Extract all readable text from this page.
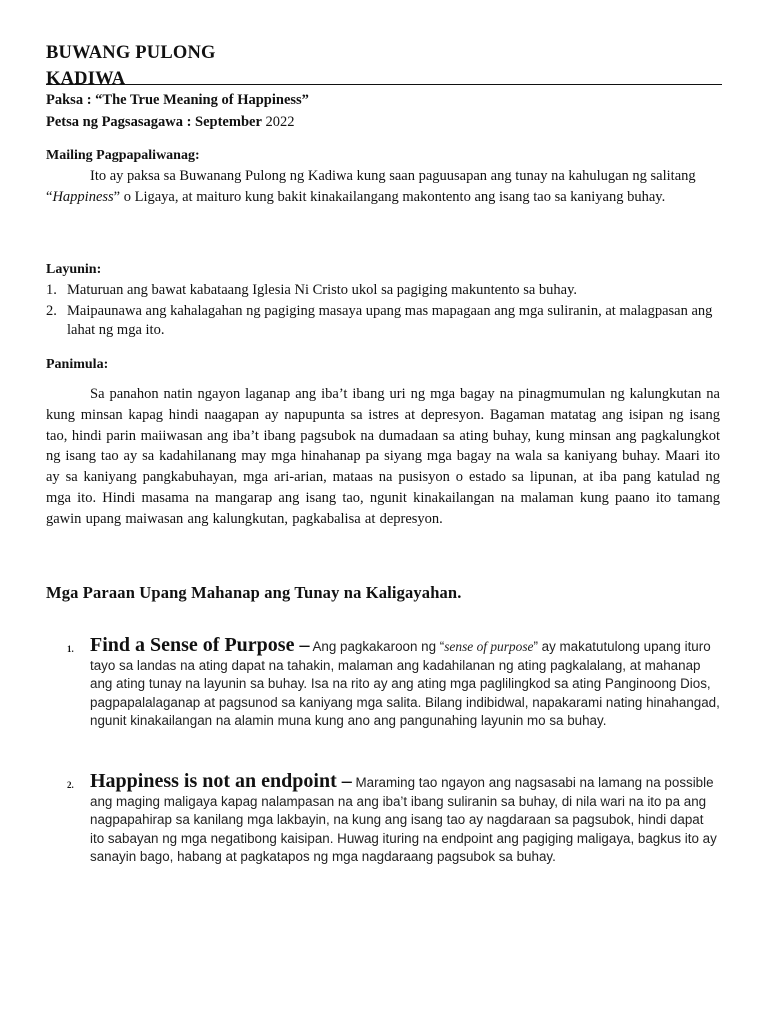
BUWANG PULONG
KADIWA
Paksa : “The True Meaning of Happiness”
Petsa ng Pagsasagawa : September 2022
Mailing Pagpapaliwanag:

Ito ay paksa sa Buwanang Pulong ng Kadiwa kung saan paguusapan ang tunay na kahulugan ng salitang “Happiness” o Ligaya, at maituro kung bakit kinakailangang makontento ang isang tao sa kaniyang buhay.

Layunin:
1. Maturuan ang bawat kabataang Iglesia Ni Cristo ukol sa pagiging makuntento sa buhay.
2. Maipaunawa ang kahalagahan ng pagiging masaya upang mas mapagaan ang mga suliranin, at malagpasan ang lahat ng mga ito.
Panimula:

Sa panahon natin ngayon laganap ang iba’t ibang uri ng mga bagay na pinagmumulan ng kalungkutan na kung minsan kapag hindi naagapan ay napupunta sa istres at depresyon. Bagaman matatag ang isipan ng isang tao, hindi parin maiiwasan ang iba’t ibang pagsubok na dumadaan sa ating buhay, kung minsan ang pagkalungkot ng isang tao ay sa kadahilanang may mga hinahanap pa siyang mga bagay na wala sa kaniyang buhay. Maari ito ay sa kaniyang pangkabuhayan, mga ari-arian, mataas na pusisyon o estado sa lipunan, at iba pang katulad ng mga ito. Hindi masama na mangarap ang isang tao, ngunit kinakailangan na malaman kung paano ito tamang gawin upang maiwasan ang kalungkutan, pagkabalisa at depresyon.

Mga Paraan Upang Mahanap ang Tunay na Kaligayahan.
1. Find a Sense of Purpose – Ang pagkakaroon ng “sense of purpose” ay makatutulong upang ituro tayo sa landas na ating dapat na tahakin, malaman ang kadahilanan ng ating pagkalalang, at mahanap ang ating tunay na layunin sa buhay. Isa na rito ay ang ating mga paglilingkod sa ating Panginoong Dios, pagpapalalaganap at pagsunod sa kaniyang mga salita. Bilang indibidwal, napakarami nating hinahangad, ngunit kinakailangan na alamin muna kung ano ang pangunahing layunin mo sa buhay.
2. Happiness is not an endpoint – Maraming tao ngayon ang nagsasabi na lamang na possible ang maging maligaya kapag nalampasan na ang iba’t ibang suliranin sa buhay, di nila wari na ito pa ang nagpapahirap sa kanilang mga lakbayin, na kung ang isang tao ay nagdaraan sa pagsubok, hindi dapat ito sabayan ng mga negatibong kaisipan. Huwag ituring na endpoint ang pagiging maligaya, bagkus ito ay sanayin bago, habang at pagkatapos ng mga nagdaraang pagsubok sa buhay.
